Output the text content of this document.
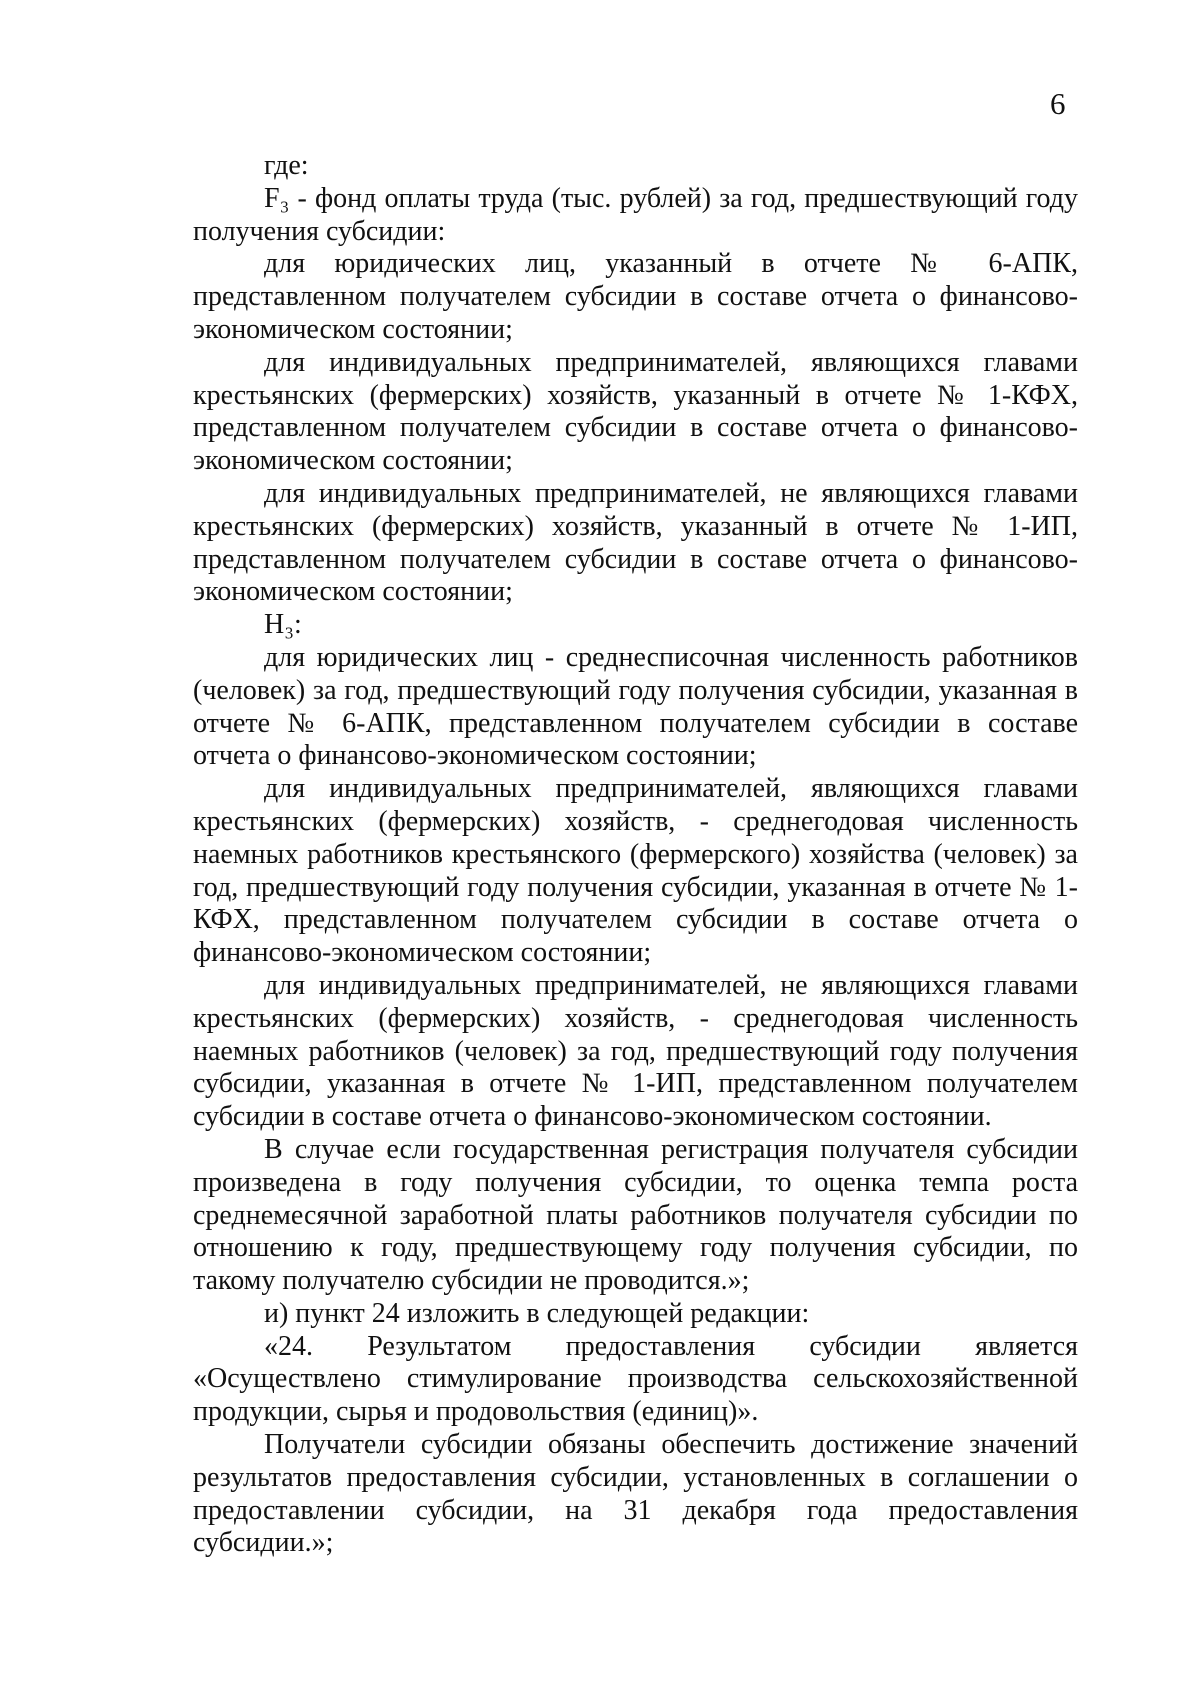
6

где:

F₃ - фонд оплаты труда (тыс. рублей) за год, предшествующий году получения субсидии:

для юридических лиц, указанный в отчете № 6-АПК, представленном получателем субсидии в составе отчета о финансово-экономическом состоянии;

для индивидуальных предпринимателей, являющихся главами крестьянских (фермерских) хозяйств, указанный в отчете № 1-КФХ, представленном получателем субсидии в составе отчета о финансово-экономическом состоянии;

для индивидуальных предпринимателей, не являющихся главами крестьянских (фермерских) хозяйств, указанный в отчете № 1-ИП, представленном получателем субсидии в составе отчета о финансово-экономическом состоянии;

Н₃:

для юридических лиц - среднесписочная численность работников (человек) за год, предшествующий году получения субсидии, указанная в отчете № 6-АПК, представленном получателем субсидии в составе отчета о финансово-экономическом состоянии;

для индивидуальных предпринимателей, являющихся главами крестьянских (фермерских) хозяйств, - среднегодовая численность наемных работников крестьянского (фермерского) хозяйства (человек) за год, предшествующий году получения субсидии, указанная в отчете № 1-КФХ, представленном получателем субсидии в составе отчета о финансово-экономическом состоянии;

для индивидуальных предпринимателей, не являющихся главами крестьянских (фермерских) хозяйств, - среднегодовая численность наемных работников (человек) за год, предшествующий году получения субсидии, указанная в отчете № 1-ИП, представленном получателем субсидии в составе отчета о финансово-экономическом состоянии.

В случае если государственная регистрация получателя субсидии произведена в году получения субсидии, то оценка темпа роста среднемесячной заработной платы работников получателя субсидии по отношению к году, предшествующему году получения субсидии, по такому получателю субсидии не проводится.»;

и) пункт 24 изложить в следующей редакции:

«24. Результатом предоставления субсидии является «Осуществлено стимулирование производства сельскохозяйственной продукции, сырья и продовольствия (единиц)».

Получатели субсидии обязаны обеспечить достижение значений результатов предоставления субсидии, установленных в соглашении о предоставлении субсидии, на 31 декабря года предоставления субсидии.»;
